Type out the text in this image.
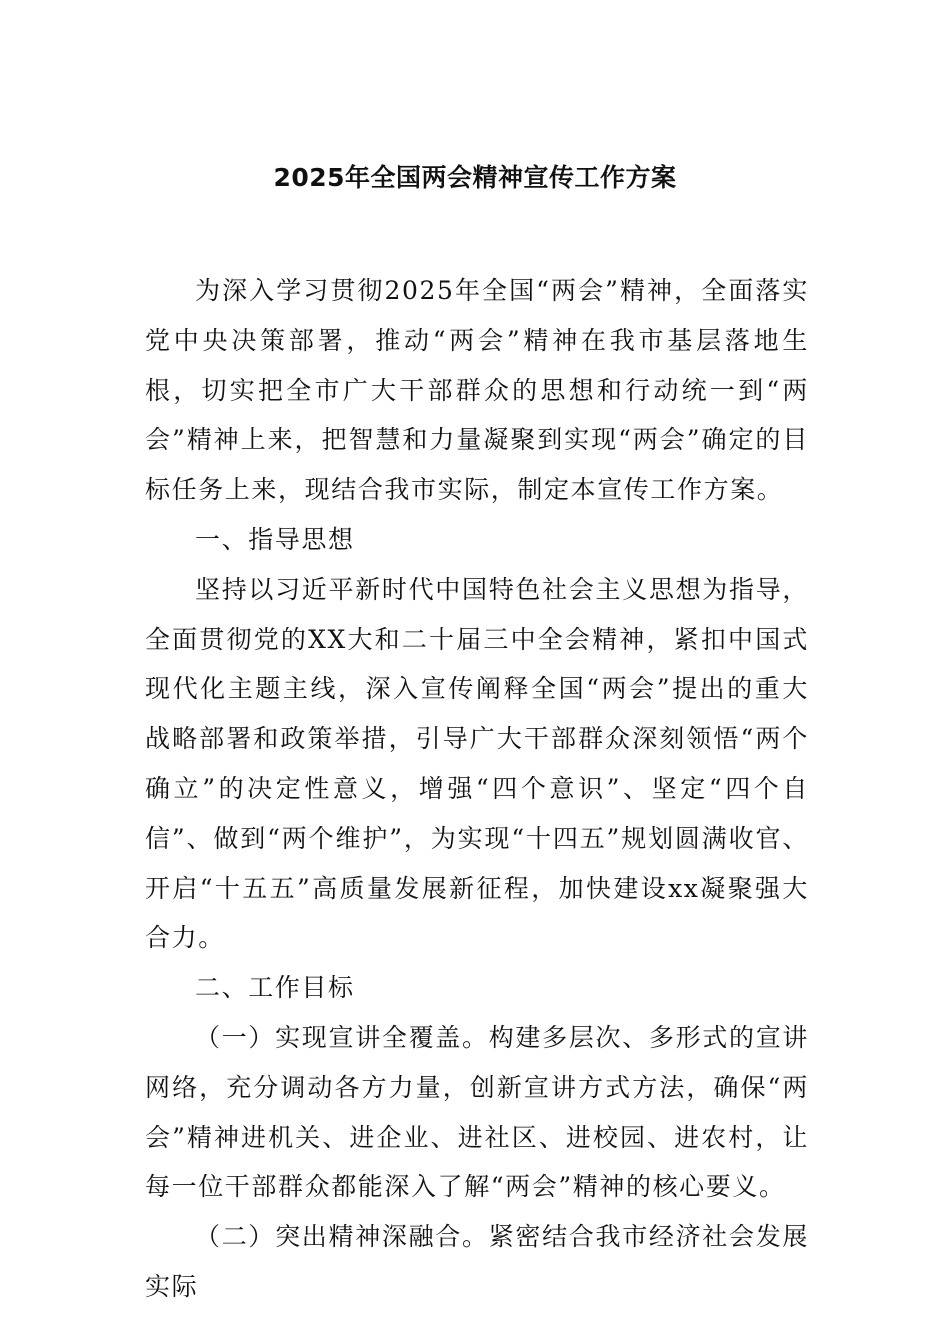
2025年全国两会精神宣传工作方案

为深入学习贯彻2025年全国“两会”精神，全面落实党中央决策部署，推动“两会”精神在我市基层落地生根，切实把全市广大干部群众的思想和行动统一到“两会”精神上来，把智慧和力量凝聚到实现“两会”确定的目标任务上来，现结合我市实际，制定本宣传工作方案。

一、指导思想

坚持以习近平新时代中国特色社会主义思想为指导，全面贯彻党的XX大和二十届三中全会精神，紧扣中国式现代化主题主线，深入宣传阐释全国“两会”提出的重大战略部署和政策举措，引导广大干部群众深刻领悟“两个确立”的决定性意义，增强“四个意识”、坚定“四个自信”、做到“两个维护”，为实现“十四五”规划圆满收官、开启“十五五”高质量发展新征程，加快建设xx凝聚强大合力。

二、工作目标

（一）实现宣讲全覆盖。构建多层次、多形式的宣讲网络，充分调动各方力量，创新宣讲方式方法，确保“两会”精神进机关、进企业、进社区、进校园、进农村，让每一位干部群众都能深入了解“两会”精神的核心要义。

（二）突出精神深融合。紧密结合我市经济社会发展实际
